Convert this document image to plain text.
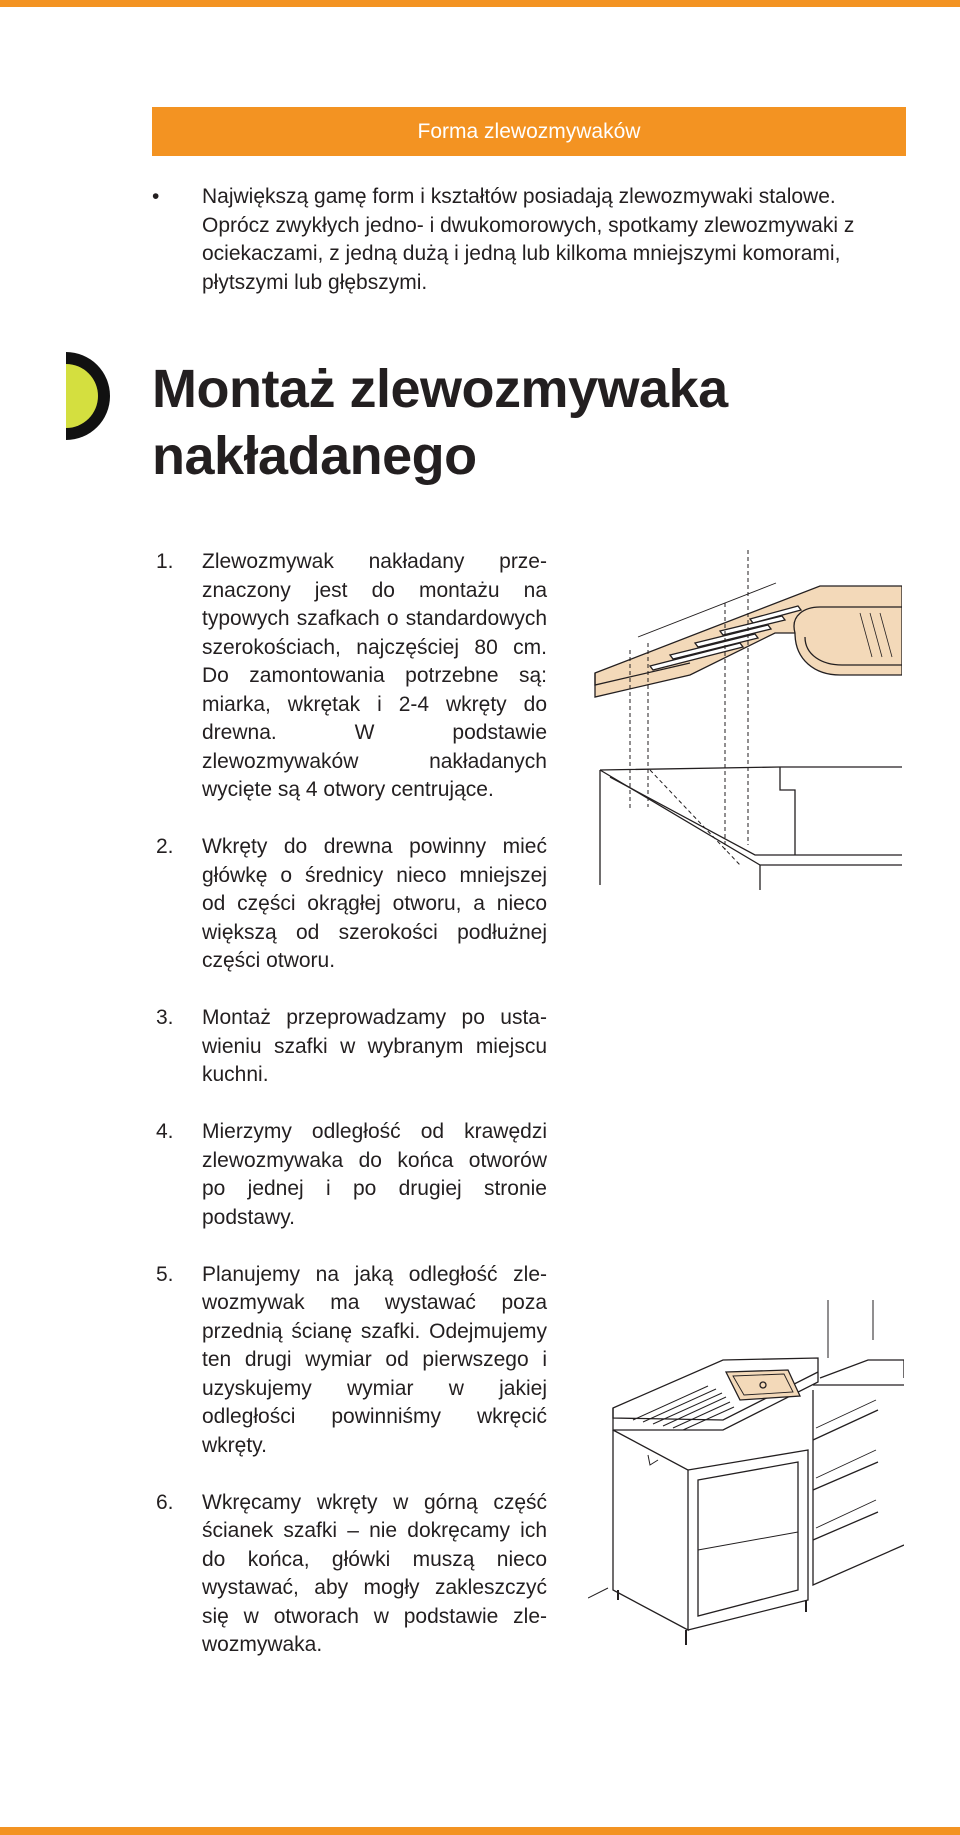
Forma zlewozmywaków
• Największą gamę form i kształtów posiadają zlewozmywaki stalowe. Oprócz zwykłych jedno- i dwukomorowych, spotkamy zlewozmywaki z ociekaczami, z jedną dużą i jedną lub kilkoma mniejszymi komorami, płytszymi lub głębszymi.
Montaż zlewozmywaka nakładanego
1. Zlewozmywak nakładany przeznaczony jest do montażu na typowych szafkach o standardowych szerokościach, najczęściej 80 cm. Do zamontowania potrzebne są: miarka, wkrętak i 2-4 wkręty do drewna. W podstawie zlewozmywaków nakładanych wycięte są 4 otwory centrujące.
2. Wkręty do drewna powinny mieć główkę o średnicy nieco mniejszej od części okrągłej otworu, a nieco większą od szerokości podłużnej części otworu.
3. Montaż przeprowadzamy po ustawieniu szafki w wybranym miejscu kuchni.
4. Mierzymy odległość od krawędzi zlewozmywaka do końca otworów po jednej i po drugiej stronie podstawy.
5. Planujemy na jaką odległość zlewozmywak ma wystawać poza przednią ścianę szafki. Odejmujemy ten drugi wymiar od pierwszego i uzyskujemy wymiar w jakiej odległości powinniśmy wkręcić wkręty.
6. Wkręcamy wkręty w górną część ścianek szafki – nie dokręcamy ich do końca, główki muszą nieco wystawać, aby mogły zakleszczyć się w otworach w podstawie zlewozmywaka.
